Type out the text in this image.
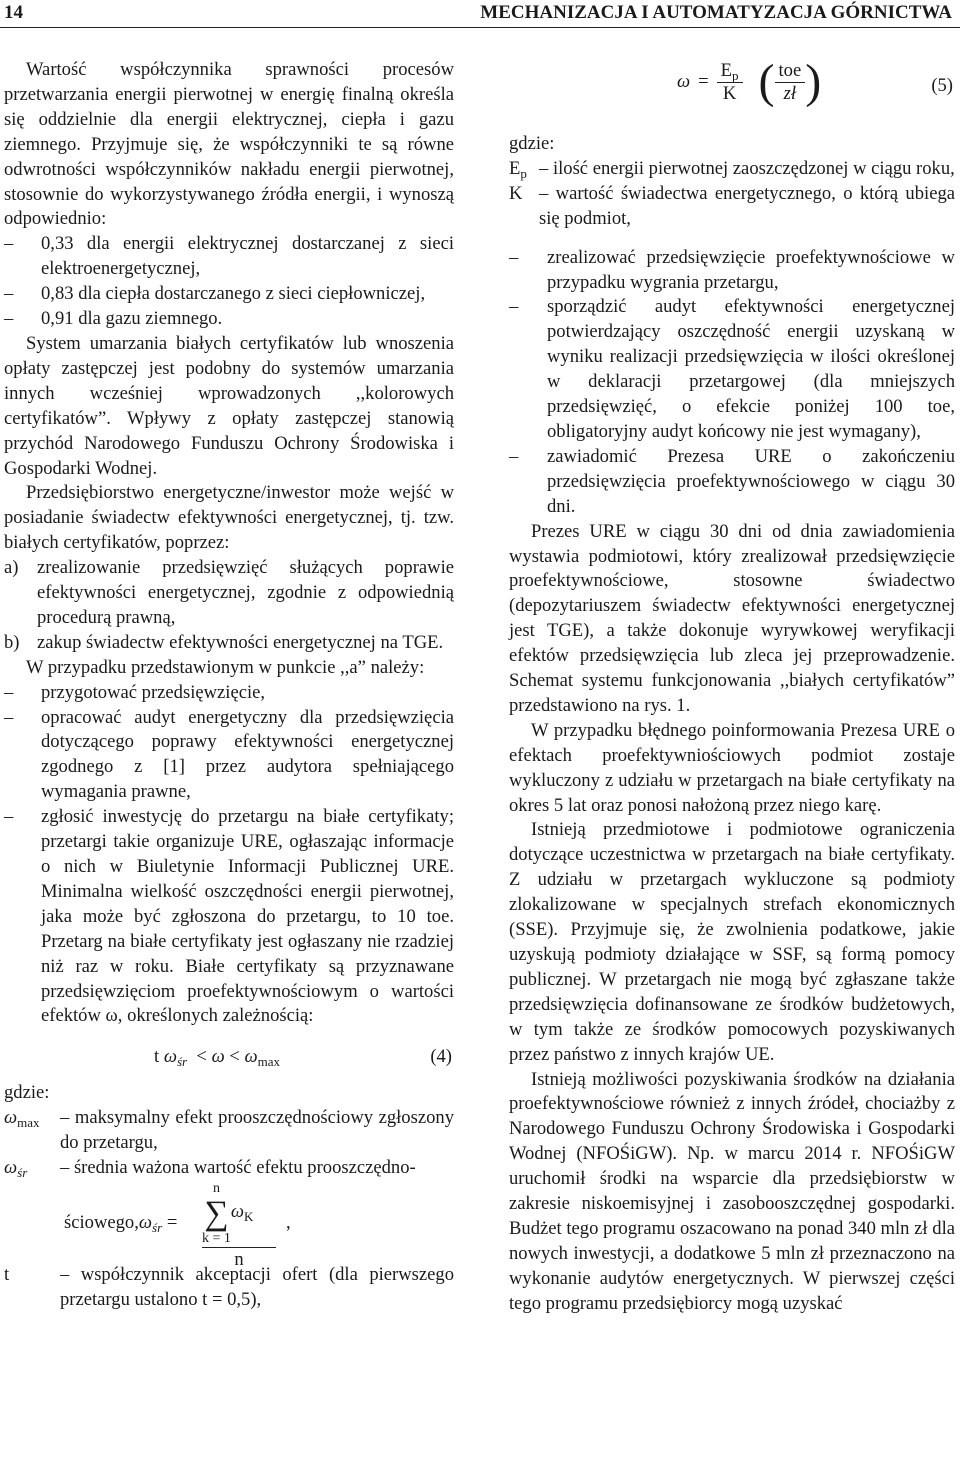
14	MECHANIZACJA I AUTOMATYZACJA GÓRNICTWA

Wartość współczynnika sprawności procesów przetwarzania energii pierwotnej w energię finalną określa się oddzielnie dla energii elektrycznej, ciepła i gazu ziemnego. Przyjmuje się, że współczynniki te są równe odwrotności współczynników nakładu energii pierwotnej, stosownie do wykorzystywanego źródła energii, i wynoszą odpowiednio:

– 0,33 dla energii elektrycznej dostarczanej z sieci elektroenergetycznej,
– 0,83 dla ciepła dostarczanego z sieci ciepłowniczej,
– 0,91 dla gazu ziemnego.

System umarzania białych certyfikatów lub wnoszenia opłaty zastępczej jest podobny do systemów umarzania innych wcześniej wprowadzonych ,,kolorowych certyfikatów”. Wpływy z opłaty zastępczej stanowią przychód Narodowego Funduszu Ochrony Środowiska i Gospodarki Wodnej.

Przedsiębiorstwo energetyczne/inwestor może wejść w posiadanie świadectw efektywności energetycznej, tj. tzw. białych certyfikatów, poprzez:

a) zrealizowanie przedsięwzięć służących poprawie efektywności energetycznej, zgodnie z odpowiednią procedurą prawną,
b) zakup świadectw efektywności energetycznej na TGE.

W przypadku przedstawionym w punkcie ,,a” należy:

– przygotować przedsięwzięcie,
– opracować audyt energetyczny dla przedsięwzięcia dotyczącego poprawy efektywności energetycznej zgodnego z [1] przez audytora spełniającego wymagania prawne,
– zgłosić inwestycję do przetargu na białe certyfikaty; przetargi takie organizuje URE, ogłaszając informacje o nich w Biuletynie Informacji Publicznej URE. Minimalna wielkość oszczędności energii pierwotnej, jaka może być zgłoszona do przetargu, to 10 toe. Przetarg na białe certyfikaty jest ogłaszany nie rzadziej niż raz w roku. Białe certyfikaty są przyznawane przedsięwzięciom proefektywnościowym o wartości efektów ω, określonych zależnością:
t $\omega_{śr} < \omega < \omega_{max}$	(4)

gdzie:

$\omega_{max}$	– maksymalny efekt prooszczędnościowy zgłoszony do przetargu,
$\omega_{śr}$	– średnia ważona wartość efektu prooszczędno-
$ściowego,\omega_{śr} = n$
∑
k = 1
$\omega_K$
n ,
t	– współczynnik akceptacji ofert (dla pierwszego przetargu ustalono t = 0,5),
$\omega = \frac{E_p}{K}$ ( $\frac{\text{toe}}{zł}$ )	(5)

gdzie:

$E_p$ – ilość energii pierwotnej zaoszczędzonej w ciągu roku,
K – wartość świadectwa energetycznego, o którą ubiega się podmiot,
– zrealizować przedsięwzięcie proefektywnościowe w przypadku wygrania przetargu,
– sporządzić audyt efektywności energetycznej potwierdzający oszczędność energii uzyskaną w wyniku realizacji przedsięwzięcia w ilości określonej w deklaracji przetargowej (dla mniejszych przedsięwzięć, o efekcie poniżej 100 toe, obligatoryjny audyt końcowy nie jest wymagany),
– zawiadomić Prezesa URE o zakończeniu przedsięwzięcia proefektywnościowego w ciągu 30 dni.

Prezes URE w ciągu 30 dni od dnia zawiadomienia wystawia podmiotowi, który zrealizował przedsięwzięcie proefektywnościowe, stosowne świadectwo (depozytariuszem świadectw efektywności energetycznej jest TGE), a także dokonuje wyrywkowej weryfikacji efektów przedsięwzięcia lub zleca jej przeprowadzenie. Schemat systemu funkcjonowania ,,białych certyfikatów” przedstawiono na rys. 1.

W przypadku błędnego poinformowania Prezesa URE o efektach proefektywniościowych podmiot zostaje wykluczony z udziału w przetargach na białe certyfikaty na okres 5 lat oraz ponosi nałożoną przez niego karę.

Istnieją przedmiotowe i podmiotowe ograniczenia dotyczące uczestnictwa w przetargach na białe certyfikaty. Z udziału w przetargach wykluczone są podmioty zlokalizowane w specjalnych strefach ekonomicznych (SSE). Przyjmuje się, że zwolnienia podatkowe, jakie uzyskują podmioty działające w SSF, są formą pomocy publicznej. W przetargach nie mogą być zgłaszane także przedsięwzięcia dofinansowane ze środków budżetowych, w tym także ze środków pomocowych pozyskiwanych przez państwo z innych krajów UE.

Istnieją możliwości pozyskiwania środków na działania proefektywnościowe również z innych źródeł, chociażby z Narodowego Funduszu Ochrony Środowiska i Gospodarki Wodnej (NFOŚiGW). Np. w marcu 2014 r. NFOŚiGW uruchomił środki na wsparcie dla przedsiębiorstw w zakresie niskoemisyjnej i zasobooszczędnej gospodarki. Budżet tego programu oszacowano na ponad 340 mln zł dla nowych inwestycji, a dodatkowe 5 mln zł przeznaczono na wykonanie audytów energetycznych. W pierwszej części tego programu przedsiębiorcy mogą uzyskać
